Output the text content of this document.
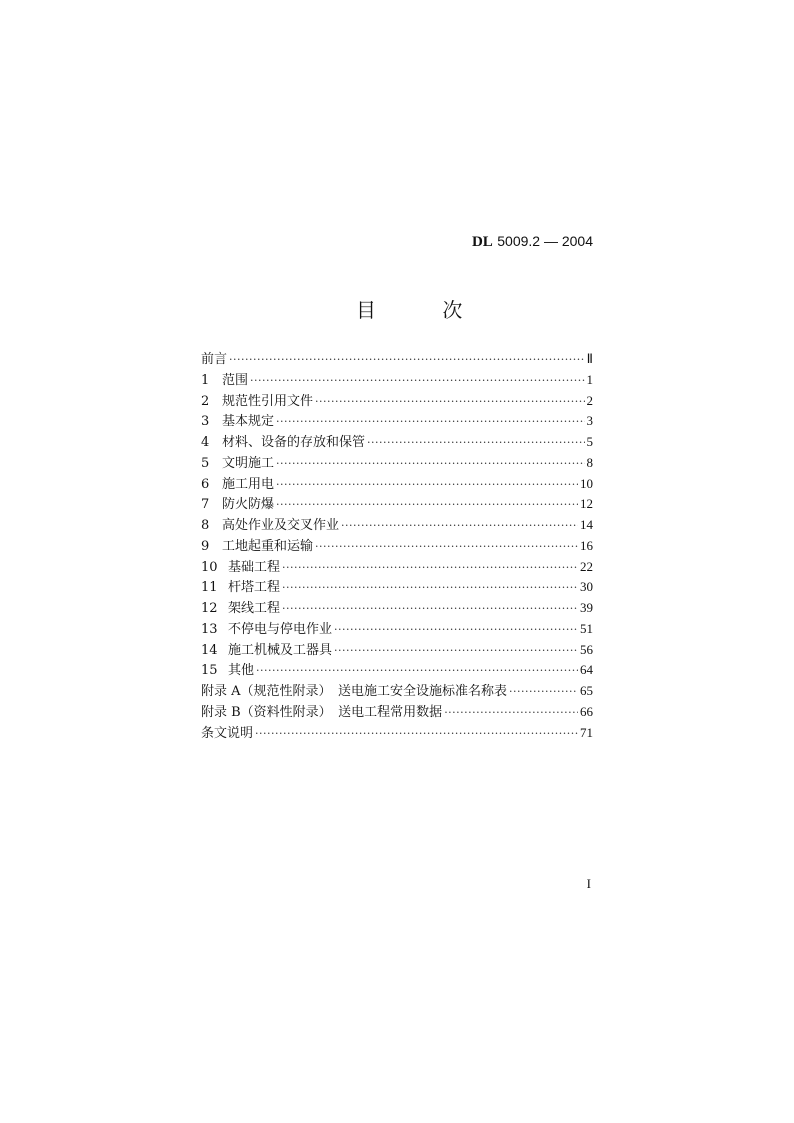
DL 5009.2 — 2004
目 次
前言 ·····	Ⅱ
1 范围 ·····	1
2 规范性引用文件 ·····	2
3 基本规定 ·····	3
4 材料、设备的存放和保管 ·····	5
5 文明施工 ·····	8
6 施工用电 ·····	10
7 防火防爆 ·····	12
8 高处作业及交叉作业 ·····	14
9 工地起重和运输 ·····	16
10 基础工程 ·····	22
11 杆塔工程 ·····	30
12 架线工程 ·····	39
13 不停电与停电作业 ·····	51
14 施工机械及工器具 ·····	56
15 其他 ·····	64
附录 A（规范性附录）　送电施工安全设施标准名称表 ·····	65
附录 B（资料性附录）　送电工程常用数据 ·····	66
条文说明 ·····	71
I
